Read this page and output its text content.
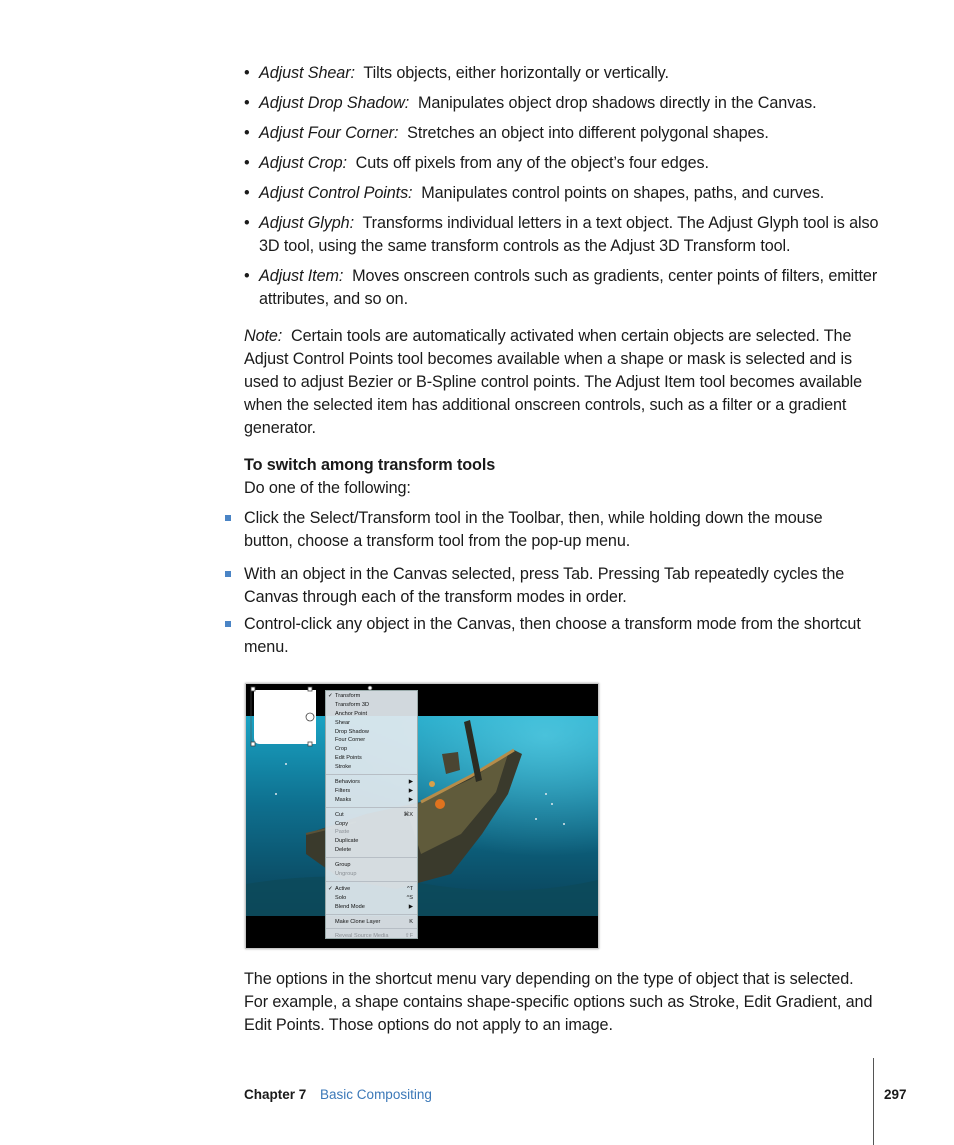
• Adjust Shear: Tilts objects, either horizontally or vertically.
• Adjust Drop Shadow: Manipulates object drop shadows directly in the Canvas.
• Adjust Four Corner: Stretches an object into different polygonal shapes.
• Adjust Crop: Cuts off pixels from any of the object’s four edges.
• Adjust Control Points: Manipulates control points on shapes, paths, and curves.
• Adjust Glyph: Transforms individual letters in a text object. The Adjust Glyph tool is also
3D tool, using the same transform controls as the Adjust 3D Transform tool.
• Adjust Item: Moves onscreen controls such as gradients, center points of filters, emitter
attributes, and so on.
Note: Certain tools are automatically activated when certain objects are selected. The
Adjust Control Points tool becomes available when a shape or mask is selected and is
used to adjust Bezier or B-Spline control points. The Adjust Item tool becomes available
when the selected item has additional onscreen controls, such as a filter or a gradient
generator.
To switch among transform tools
Do one of the following:
Click the Select/Transform tool in the Toolbar, then, while holding down the mouse
button, choose a transform tool from the pop-up menu.
With an object in the Canvas selected, press Tab. Pressing Tab repeatedly cycles the
Canvas through each of the transform modes in order.
Control-click any object in the Canvas, then choose a transform mode from the shortcut
menu.
✓ Transform
Transform 3D
Anchor Point
Shear
Drop Shadow
Four Corner
Crop
Edit Points
Stroke
Behaviors	▶
Filters	▶
Masks	▶
Cut	⌘X
Copy
Paste
Duplicate
Delete
Group
Ungroup
✓ Active	^T
Solo	^S
Blend Mode	▶
Make Clone Layer	K
Reveal Source Media	⇧F
The options in the shortcut menu vary depending on the type of object that is selected.
For example, a shape contains shape-specific options such as Stroke, Edit Gradient, and
Edit Points. Those options do not apply to an image.
Chapter 7 Basic Compositing	297
